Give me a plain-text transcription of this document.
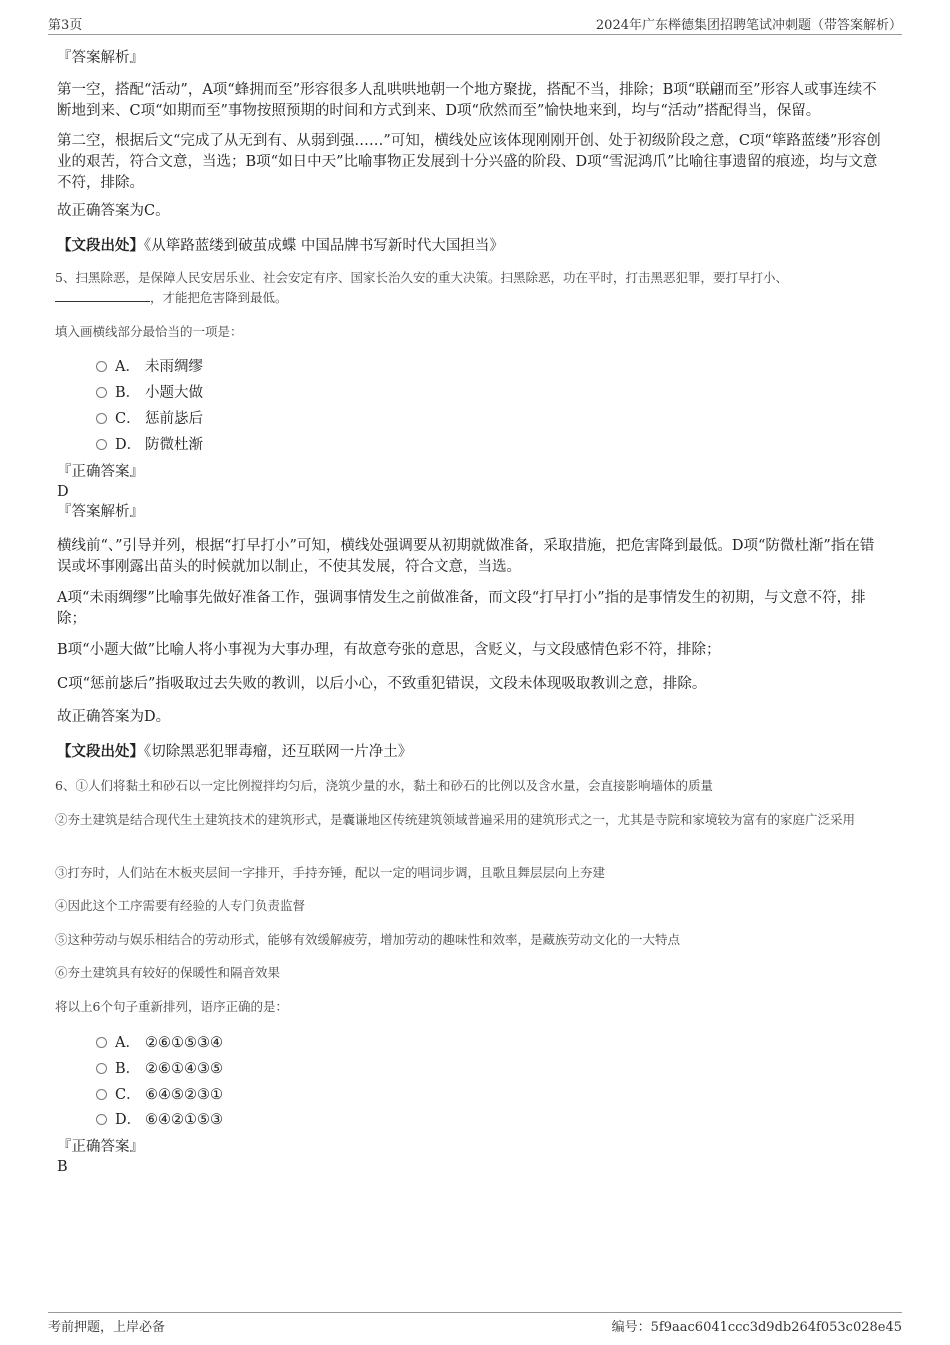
第3页	2024年广东榉德集团招聘笔试冲刺题（带答案解析）
『答案解析』
第一空，搭配“活动”，A项“蜂拥而至”形容很多人乱哄哄地朝一个地方聚拢，搭配不当，排除；B项“联翩而至”形容人或事连续不断地到来、C项“如期而至”事物按照预期的时间和方式到来、D项“欣然而至”愉快地来到，均与“活动”搭配得当，保留。
第二空，根据后文“完成了从无到有、从弱到强……”可知，横线处应该体现刚刚开创、处于初级阶段之意，C项“筚路蓝缕”形容创业的艰苦，符合文意，当选；B项“如日中天”比喻事物正发展到十分兴盛的阶段、D项“雪泥鸿爪”比喻往事遗留的痕迹，均与文意不符，排除。
故正确答案为C。
【文段出处】《从筚路蓝缕到破茧成蝶 中国品牌书写新时代大国担当》
5、扫黑除恶，是保障人民安居乐业、社会安定有序、国家长治久安的重大决策。扫黑除恶，功在平时，打击黑恶犯罪，要打早打小、
，才能把危害降到最低。
填入画横线部分最恰当的一项是：
A． 未雨绸缪
B． 小题大做
C． 惩前毖后
D． 防微杜渐
『正确答案』
D
『答案解析』
横线前“、”引导并列，根据“打早打小”可知，横线处强调要从初期就做准备，采取措施，把危害降到最低。D项“防微杜渐”指在错误或坏事刚露出苗头的时候就加以制止，不使其发展，符合文意，当选。
A项“未雨绸缪”比喻事先做好准备工作，强调事情发生之前做准备，而文段“打早打小”指的是事情发生的初期，与文意不符，排除；
B项“小题大做”比喻人将小事视为大事办理，有故意夸张的意思，含贬义，与文段感情色彩不符，排除；
C项“惩前毖后”指吸取过去失败的教训，以后小心，不致重犯错误，文段未体现吸取教训之意，排除。
故正确答案为D。
【文段出处】《切除黑恶犯罪毒瘤，还互联网一片净土》
6、①人们将黏土和砂石以一定比例搅拌均匀后，浇筑少量的水，黏土和砂石的比例以及含水量，会直接影响墙体的质量
②夯土建筑是结合现代生土建筑技术的建筑形式，是囊谦地区传统建筑领域普遍采用的建筑形式之一，尤其是寺院和家境较为富有的家庭广泛采用
③打夯时，人们站在木板夹层间一字排开，手持夯锤，配以一定的唱词步调，且歌且舞层层向上夯建
④因此这个工序需要有经验的人专门负责监督
⑤这种劳动与娱乐相结合的劳动形式，能够有效缓解疲劳，增加劳动的趣味性和效率，是藏族劳动文化的一大特点
⑥夯土建筑具有较好的保暖性和隔音效果
将以上6个句子重新排列，语序正确的是：
A． ②⑥①⑤③④
B． ②⑥①④③⑤
C． ⑥④⑤②③①
D． ⑥④②①⑤③
『正确答案』
B
考前押题，上岸必备	编号：5f9aac6041ccc3d9db264f053c028e45
